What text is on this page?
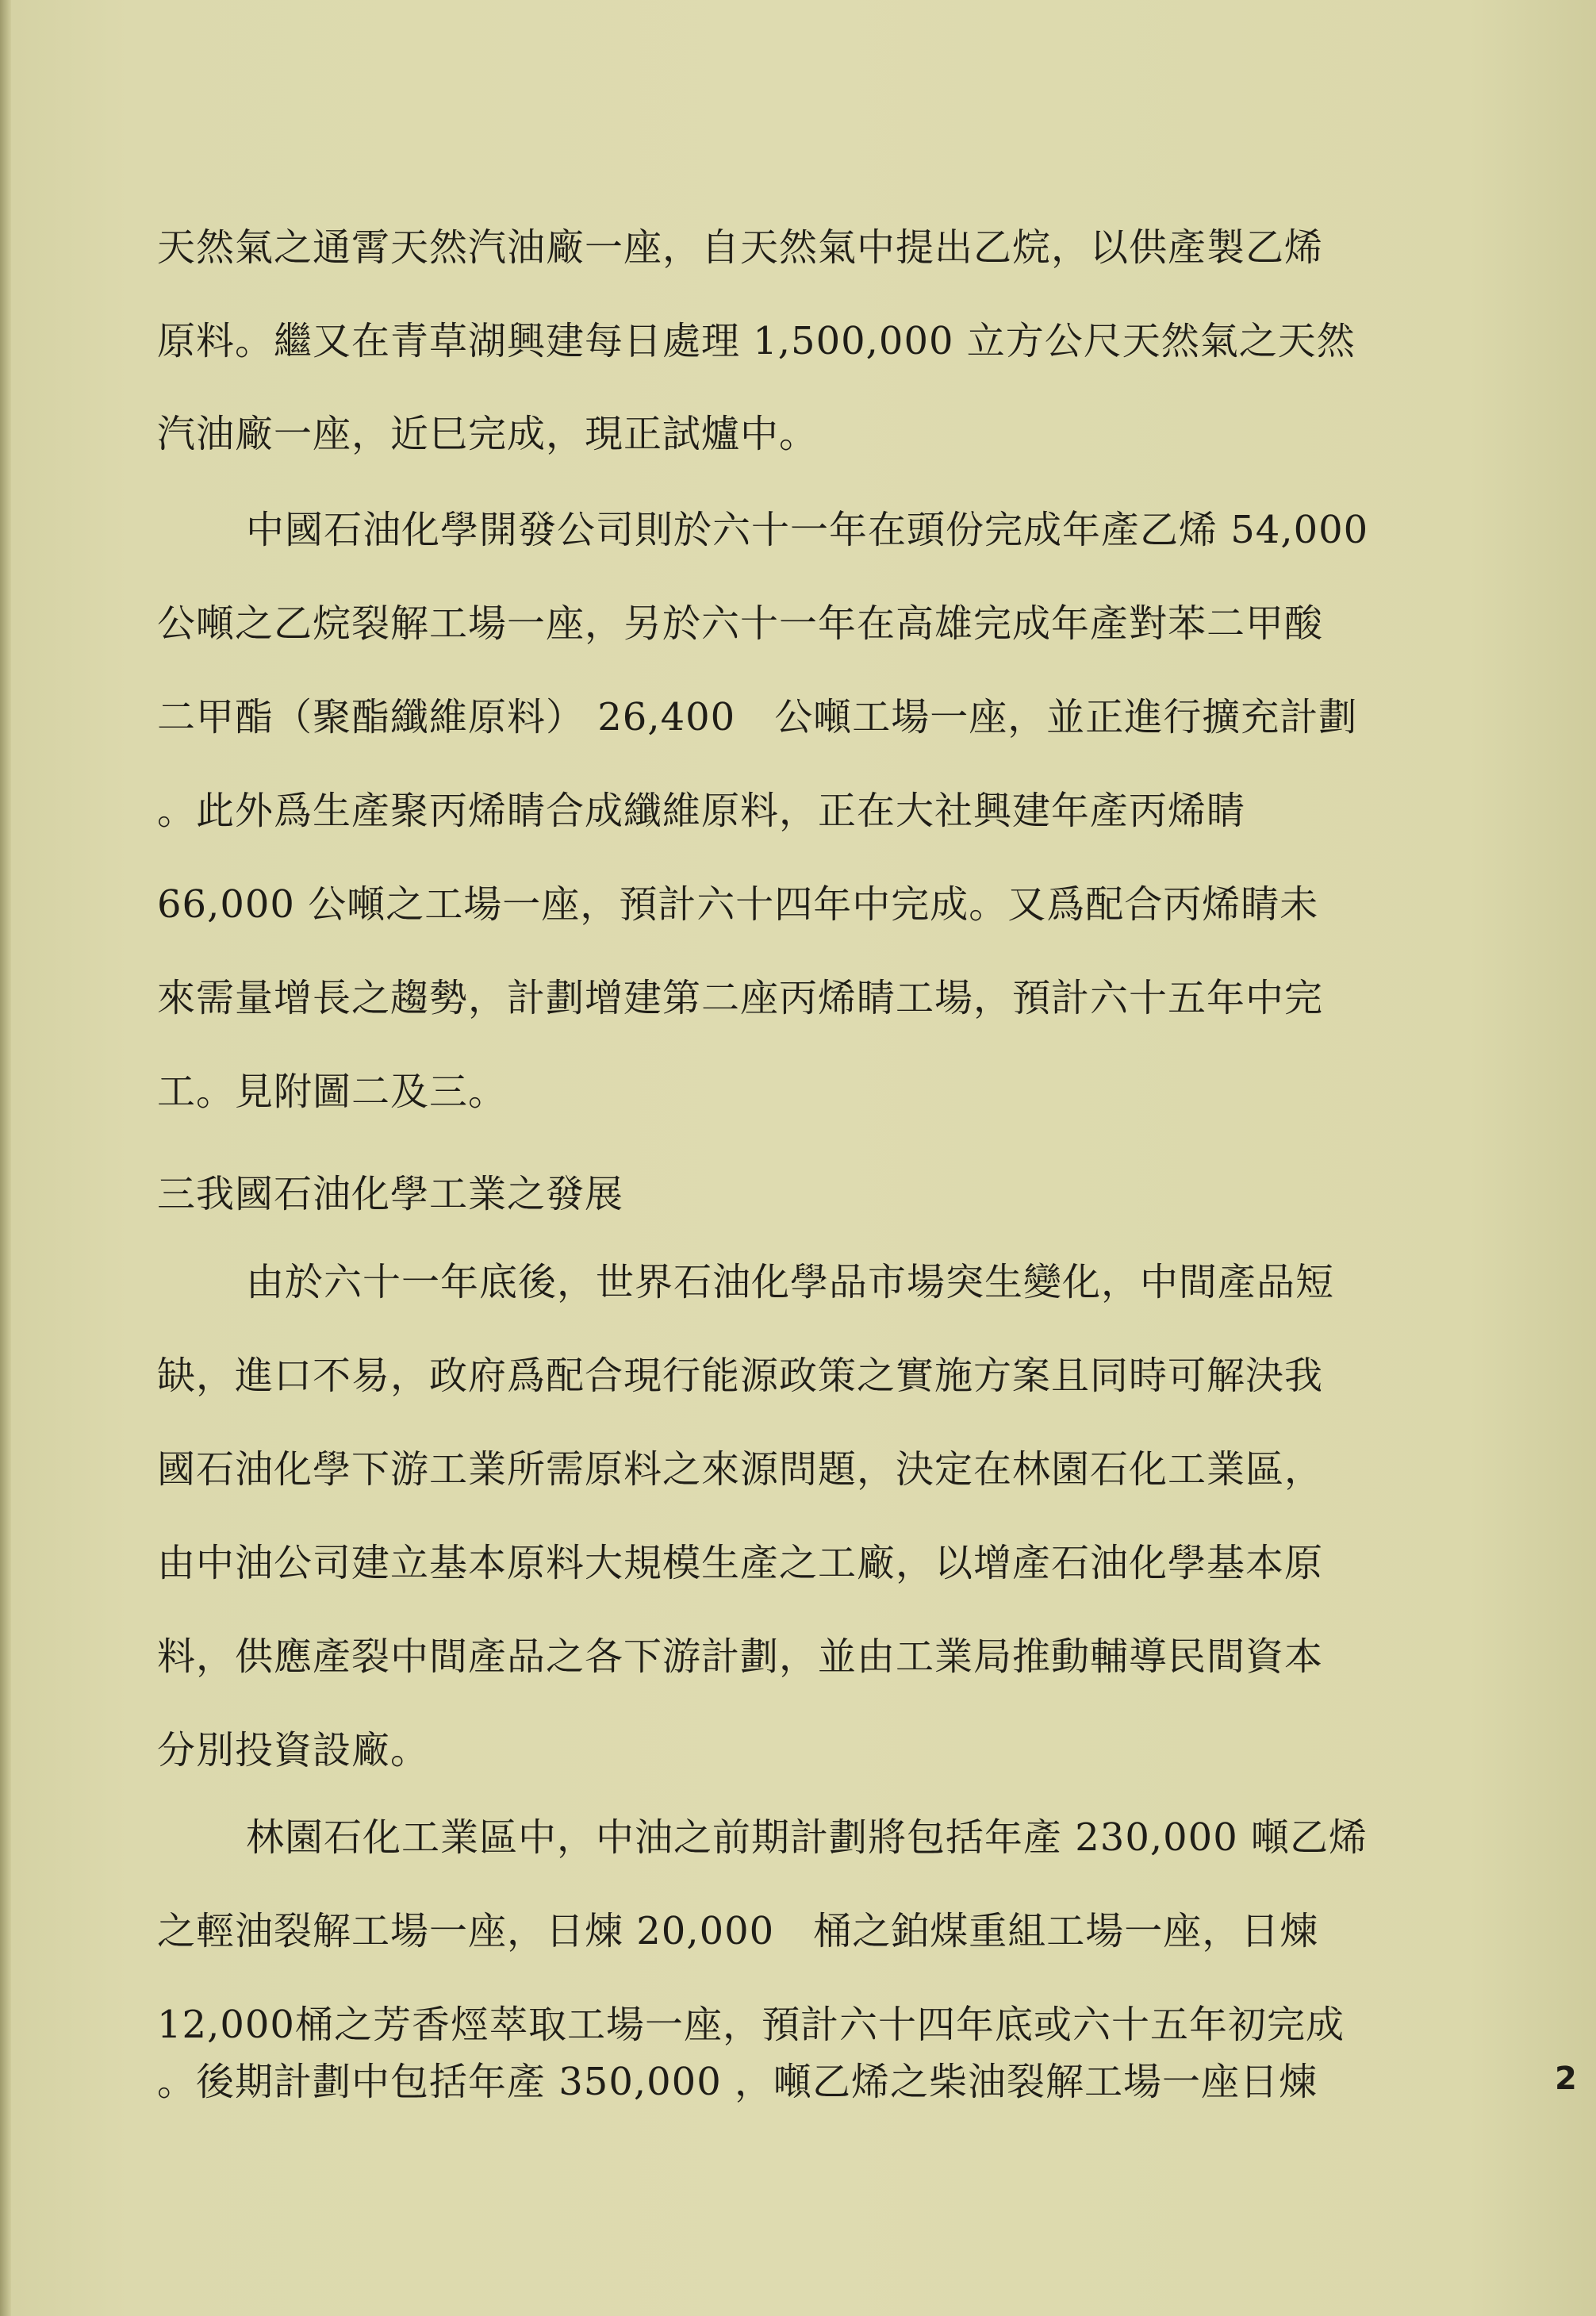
天然氣之通霄天然汽油廠一座，自天然氣中提出乙烷，以供產製乙烯

原料。繼又在青草湖興建每日處理 1,500,000 立方公尺天然氣之天然

汽油廠一座，近巳完成，現正試爐中。

中國石油化學開發公司則於六十一年在頭份完成年產乙烯 54,000

公噸之乙烷裂解工場一座，另於六十一年在高雄完成年產對苯二甲酸

二甲酯（聚酯纖維原料） 26,400　公噸工場一座，並正進行擴充計劃

。此外爲生產聚丙烯睛合成纖維原料，正在大社興建年產丙烯睛

66,000 公噸之工場一座，預計六十四年中完成。又爲配合丙烯睛未

來需量增長之趨勢，計劃增建第二座丙烯睛工場，預計六十五年中完

工。見附圖二及三。

三我國石油化學工業之發展

由於六十一年底後，世界石油化學品市場突生變化，中間產品短

缺，進口不易，政府爲配合現行能源政策之實施方案且同時可解決我

國石油化學下游工業所需原料之來源問題，決定在林園石化工業區，

由中油公司建立基本原料大規模生產之工廠，以增產石油化學基本原

料，供應產裂中間產品之各下游計劃，並由工業局推動輔導民間資本

分別投資設廠。

林園石化工業區中，中油之前期計劃將包括年產 230,000 噸乙烯

之輕油裂解工場一座，日煉 20,000　桶之鉑煤重組工場一座，日煉

12,000桶之芳香烴萃取工場一座，預計六十四年底或六十五年初完成

。後期計劃中包括年產 350,000 ，噸乙烯之柴油裂解工場一座日煉	2
